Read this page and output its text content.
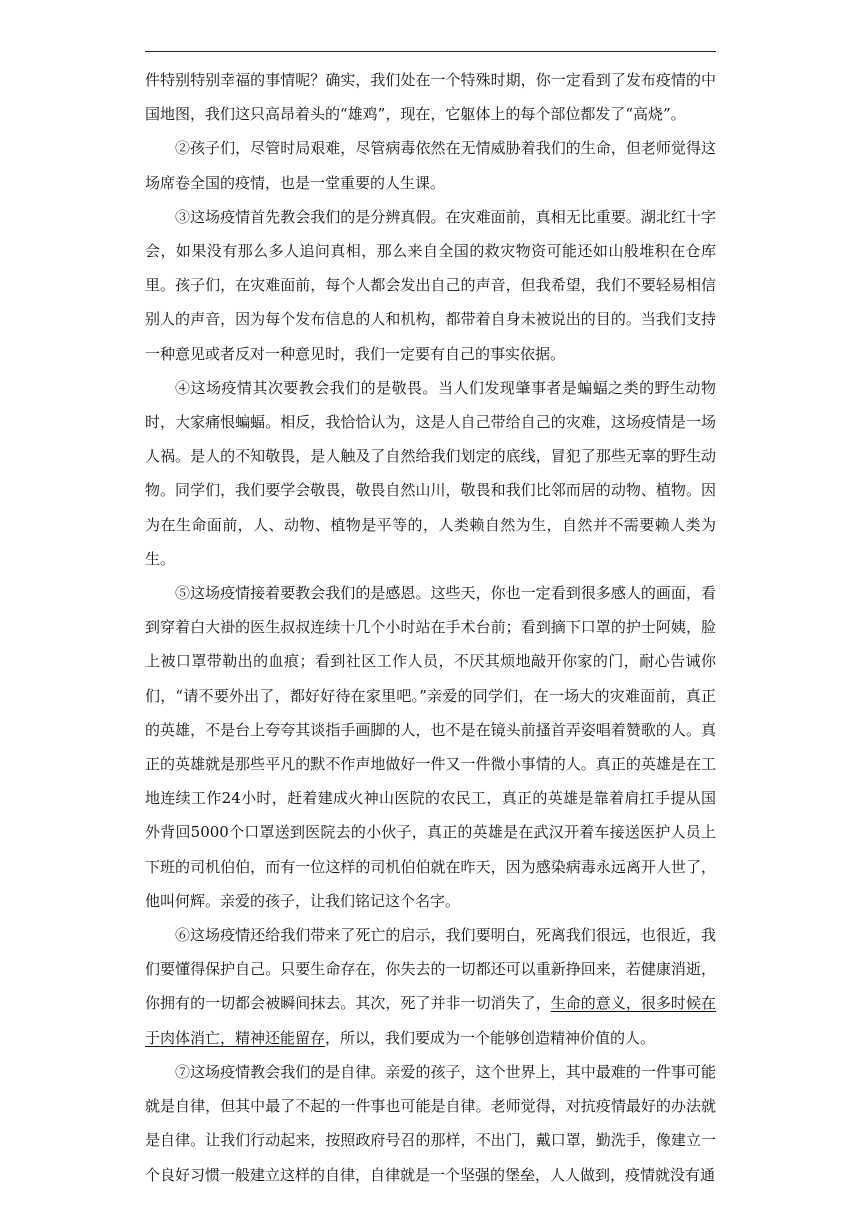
件特别特别幸福的事情呢？确实，我们处在一个特殊时期，你一定看到了发布疫情的中国地图，我们这只高昂着头的“雄鸡”，现在，它躯体上的每个部位都发了“高烧”。

②孩子们，尽管时局艰难，尽管病毒依然在无情威胁着我们的生命，但老师觉得这场席卷全国的疫情，也是一堂重要的人生课。

③这场疫情首先教会我们的是分辨真假。在灾难面前，真相无比重要。湖北红十字会，如果没有那么多人追问真相，那么来自全国的救灾物资可能还如山般堆积在仓库里。孩子们，在灾难面前，每个人都会发出自己的声音，但我希望，我们不要轻易相信别人的声音，因为每个发布信息的人和机构，都带着自身未被说出的目的。当我们支持一种意见或者反对一种意见时，我们一定要有自己的事实依据。

④这场疫情其次要教会我们的是敬畏。当人们发现肇事者是蝙蝠之类的野生动物时，大家痛恨蝙蝠。相反，我恰恰认为，这是人自己带给自己的灾难，这场疫情是一场人祸。是人的不知敬畏，是人触及了自然给我们划定的底线，冒犯了那些无辜的野生动物。同学们，我们要学会敬畏，敬畏自然山川，敬畏和我们比邻而居的动物、植物。因为在生命面前，人、动物、植物是平等的，人类赖自然为生，自然并不需要赖人类为生。

⑤这场疫情接着要教会我们的是感恩。这些天，你也一定看到很多感人的画面，看到穿着白大褂的医生叔叔连续十几个小时站在手术台前；看到摘下口罩的护士阿姨，脸上被口罩带勒出的血痕；看到社区工作人员，不厌其烦地敲开你家的门，耐心告诫你们，“请不要外出了，都好好待在家里吧。”亲爱的同学们，在一场大的灾难面前，真正的英雄，不是台上夸夸其谈指手画脚的人，也不是在镜头前搔首弄姿唱着赞歌的人。真正的英雄就是那些平凡的默不作声地做好一件又一件微小事情的人。真正的英雄是在工地连续工作24小时，赶着建成火神山医院的农民工，真正的英雄是靠着肩扛手提从国外背回5000个口罩送到医院去的小伙子，真正的英雄是在武汉开着车接送医护人员上下班的司机伯伯，而有一位这样的司机伯伯就在昨天，因为感染病毒永远离开人世了，他叫何辉。亲爱的孩子，让我们铭记这个名字。

⑥这场疫情还给我们带来了死亡的启示，我们要明白，死离我们很远，也很近，我们要懂得保护自己。只要生命存在，你失去的一切都还可以重新挣回来，若健康消逝，你拥有的一切都会被瞬间抹去。其次，死了并非一切消失了，生命的意义，很多时候在于肉体消亡，精神还能留存，所以，我们要成为一个能够创造精神价值的人。

⑦这场疫情教会我们的是自律。亲爱的孩子，这个世界上，其中最难的一件事可能就是自律，但其中最了不起的一件事也可能是自律。老师觉得，对抗疫情最好的办法就是自律。让我们行动起来，按照政府号召的那样，不出门，戴口罩，勤洗手，像建立一个良好习惯一般建立这样的自律，自律就是一个坚强的堡垒，人人做到，疫情就没有通
